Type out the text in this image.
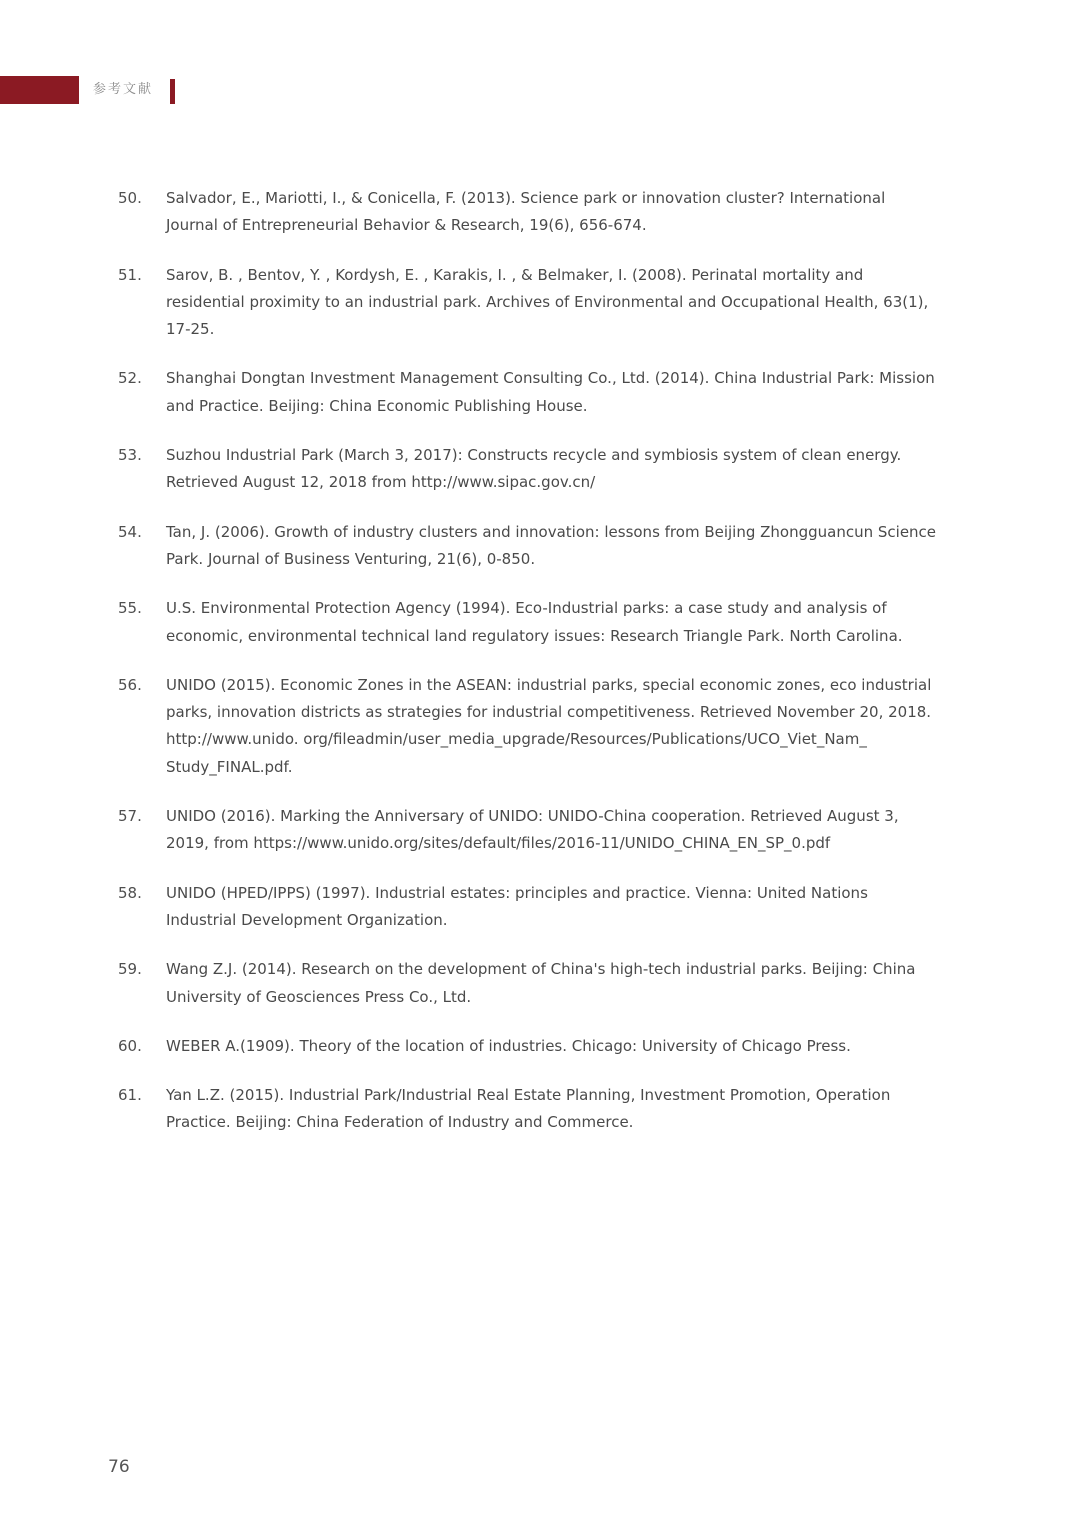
参考文献
50. Salvador, E., Mariotti, I., & Conicella, F. (2013). Science park or innovation cluster? International Journal of Entrepreneurial Behavior & Research, 19(6), 656-674.
51. Sarov, B. , Bentov, Y. , Kordysh, E. , Karakis, I. , & Belmaker, I. (2008). Perinatal mortality and residential proximity to an industrial park. Archives of Environmental and Occupational Health, 63(1), 17-25.
52. Shanghai Dongtan Investment Management Consulting Co., Ltd. (2014). China Industrial Park: Mission and Practice. Beijing: China Economic Publishing House.
53. Suzhou Industrial Park (March 3, 2017): Constructs recycle and symbiosis system of clean energy. Retrieved August 12, 2018 from http://www.sipac.gov.cn/
54. Tan, J. (2006). Growth of industry clusters and innovation: lessons from Beijing Zhongguancun Science Park. Journal of Business Venturing, 21(6), 0-850.
55. U.S. Environmental Protection Agency (1994). Eco-Industrial parks: a case study and analysis of economic, environmental technical land regulatory issues: Research Triangle Park. North Carolina.
56. UNIDO (2015). Economic Zones in the ASEAN: industrial parks, special economic zones, eco industrial parks, innovation districts as strategies for industrial competitiveness. Retrieved November 20, 2018. http://www.unido. org/fileadmin/user_media_upgrade/Resources/Publications/UCO_Viet_Nam_ Study_FINAL.pdf.
57. UNIDO (2016). Marking the Anniversary of UNIDO: UNIDO-China cooperation. Retrieved August 3, 2019, from https://www.unido.org/sites/default/files/2016-11/UNIDO_CHINA_EN_SP_0.pdf
58. UNIDO (HPED/IPPS) (1997). Industrial estates: principles and practice. Vienna: United Nations Industrial Development Organization.
59. Wang Z.J. (2014). Research on the development of China's high-tech industrial parks. Beijing: China University of Geosciences Press Co., Ltd.
60. WEBER A.(1909). Theory of the location of industries. Chicago: University of Chicago Press.
61. Yan L.Z. (2015). Industrial Park/Industrial Real Estate Planning, Investment Promotion, Operation Practice. Beijing: China Federation of Industry and Commerce.
76
